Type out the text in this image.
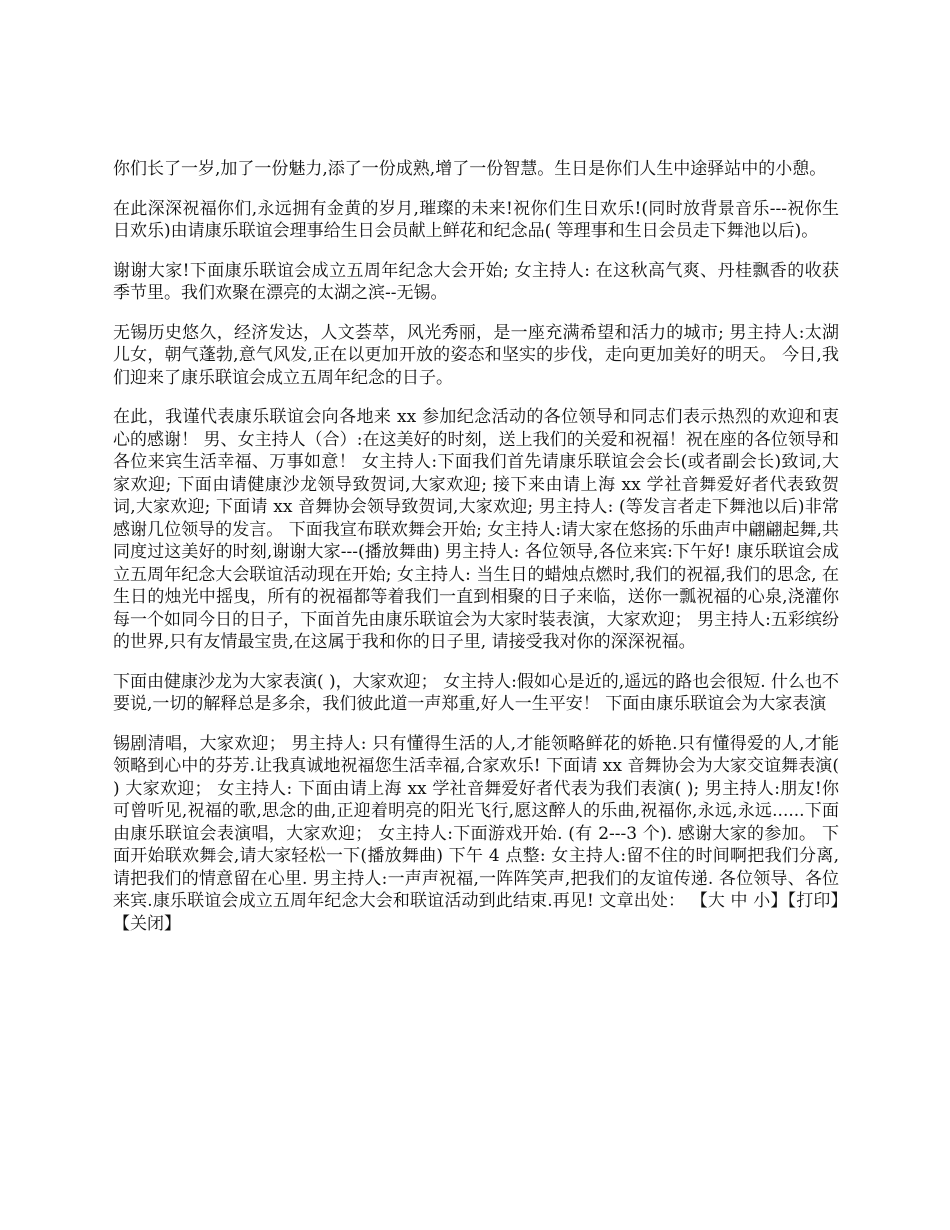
你们长了一岁,加了一份魅力,添了一份成熟,增了一份智慧。生日是你们人生中途驿站中的小憩。

在此深深祝福你们,永远拥有金黄的岁月,璀璨的未来!祝你们生日欢乐!(同时放背景音乐---祝你生日欢乐)由请康乐联谊会理事给生日会员献上鲜花和纪念品( 等理事和生日会员走下舞池以后)。

谢谢大家!下面康乐联谊会成立五周年纪念大会开始; 女主持人: 在这秋高气爽、丹桂飘香的收获季节里。我们欢聚在漂亮的太湖之滨--无锡。

无锡历史悠久，经济发达，人文荟萃，风光秀丽，是一座充满希望和活力的城市; 男主持人:太湖儿女，朝气蓬勃,意气风发,正在以更加开放的姿态和坚实的步伐，走向更加美好的明天。 今日,我们迎来了康乐联谊会成立五周年纪念的日子。

在此，我谨代表康乐联谊会向各地来 xx 参加纪念活动的各位领导和同志们表示热烈的欢迎和衷心的感谢！ 男、女主持人（合）:在这美好的时刻，送上我们的关爱和祝福！祝在座的各位领导和各位来宾生活幸福、万事如意！ 女主持人:下面我们首先请康乐联谊会会长(或者副会长)致词,大家欢迎; 下面由请健康沙龙领导致贺词,大家欢迎; 接下来由请上海 xx 学社音舞爱好者代表致贺词,大家欢迎; 下面请 xx 音舞协会领导致贺词,大家欢迎; 男主持人: (等发言者走下舞池以后)非常感谢几位领导的发言。 下面我宣布联欢舞会开始; 女主持人:请大家在悠扬的乐曲声中翩翩起舞,共同度过这美好的时刻,谢谢大家---(播放舞曲) 男主持人: 各位领导,各位来宾:下午好! 康乐联谊会成立五周年纪念大会联谊活动现在开始; 女主持人: 当生日的蜡烛点燃时,我们的祝福,我们的思念, 在生日的烛光中摇曳，所有的祝福都等着我们一直到相聚的日子来临，送你一瓢祝福的心泉,浇灌你每一个如同今日的日子，下面首先由康乐联谊会为大家时装表演，大家欢迎； 男主持人:五彩缤纷的世界,只有友情最宝贵,在这属于我和你的日子里, 请接受我对你的深深祝福。

下面由健康沙龙为大家表演( )，大家欢迎； 女主持人:假如心是近的,遥远的路也会很短. 什么也不要说,一切的解释总是多余，我们彼此道一声郑重,好人一生平安！ 下面由康乐联谊会为大家表演

锡剧清唱，大家欢迎； 男主持人: 只有懂得生活的人,才能领略鲜花的娇艳.只有懂得爱的人,才能领略到心中的芬芳.让我真诚地祝福您生活幸福,合家欢乐! 下面请 xx 音舞协会为大家交谊舞表演( ) 大家欢迎； 女主持人: 下面由请上海 xx 学社音舞爱好者代表为我们表演( ); 男主持人:朋友!你可曾听见,祝福的歌,思念的曲,正迎着明亮的阳光飞行,愿这醉人的乐曲,祝福你,永远,永远......下面由康乐联谊会表演唱，大家欢迎； 女主持人:下面游戏开始. (有 2---3 个). 感谢大家的参加。 下面开始联欢舞会,请大家轻松一下(播放舞曲) 下午 4 点整: 女主持人:留不住的时间啊把我们分离,请把我们的情意留在心里. 男主持人:一声声祝福,一阵阵笑声,把我们的友谊传递. 各位领导、各位来宾.康乐联谊会成立五周年纪念大会和联谊活动到此结束.再见! 文章出处： 【大 中 小】【打印】【关闭】
